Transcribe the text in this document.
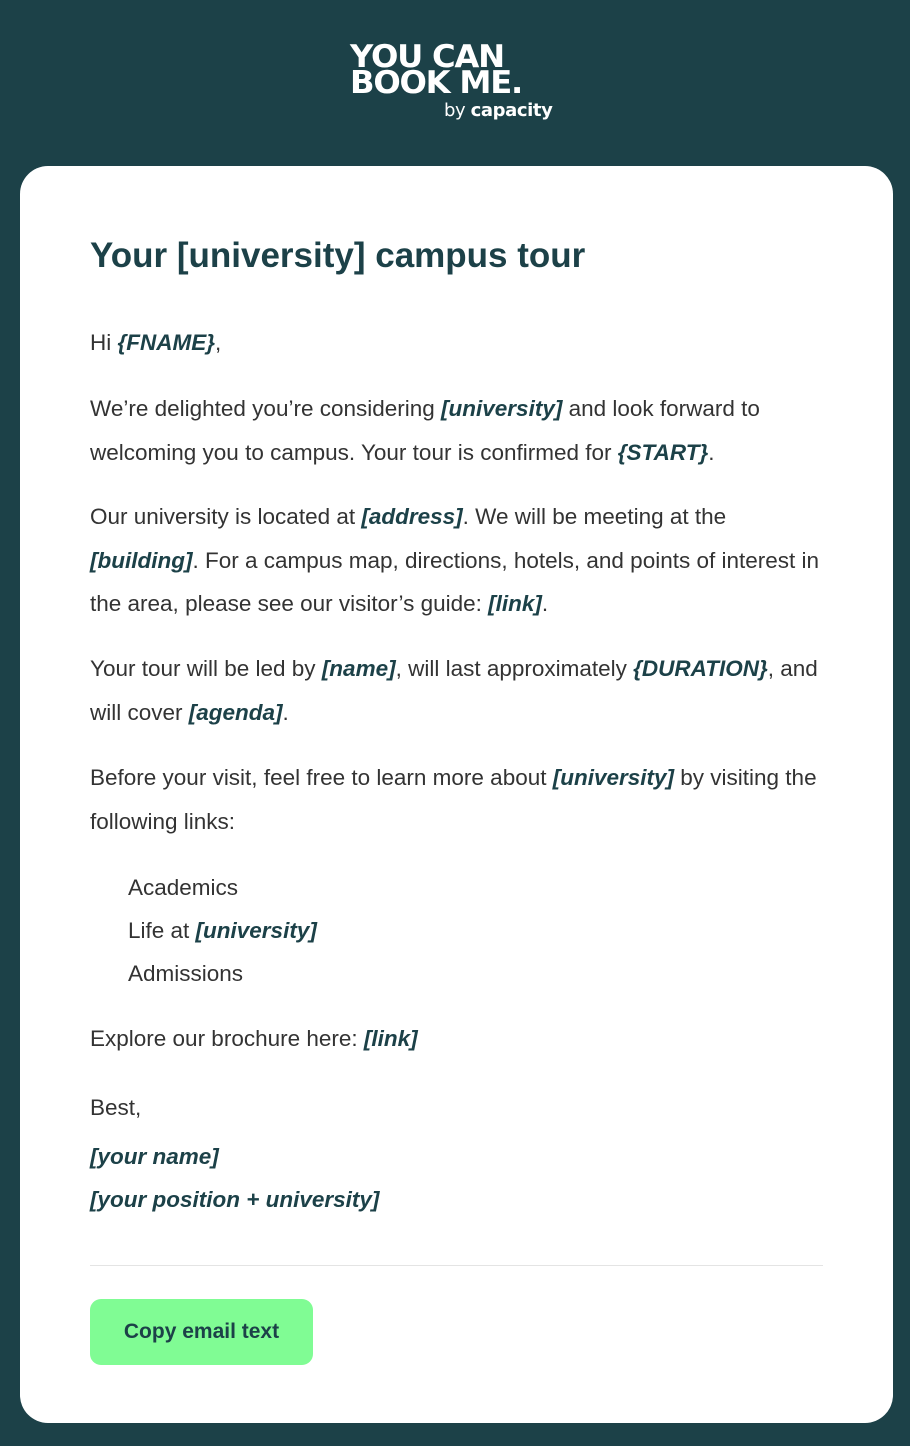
YOU CAN
BOOK ME.
by capacity
Your [university] campus tour

Hi {FNAME},

We’re delighted you’re considering [university] and look forward to welcoming you to campus. Your tour is confirmed for {START}.

Our university is located at [address]. We will be meeting at the [building]. For a campus map, directions, hotels, and points of interest in the area, please see our visitor’s guide: [link].

Your tour will be led by [name], will last approximately {DURATION}, and will cover [agenda].

Before your visit, feel free to learn more about [university] by visiting the following links:

Academics
Life at [university]
Admissions

Explore our brochure here: [link]

Best,

[your name]
[your position + university]
Copy email text
